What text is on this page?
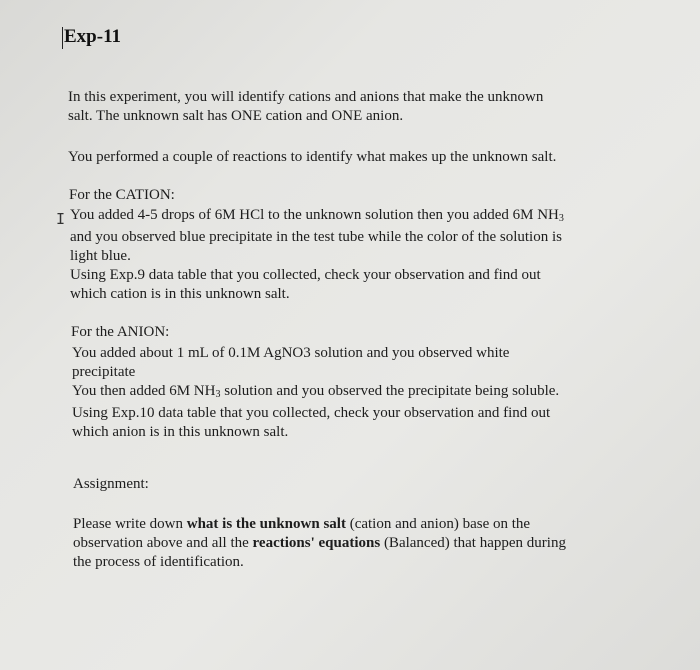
Exp-11

In this experiment, you will identify cations and anions that make the unknown
salt. The unknown salt has ONE cation and ONE anion.

You performed a couple of reactions to identify what makes up the unknown salt.

For the CATION:

I You added 4-5 drops of 6M HCl to the unknown solution then you added 6M $NH_3$
and you observed blue precipitate in the test tube while the color of the solution is
light blue.
Using Exp.9 data table that you collected, check your observation and find out
which cation is in this unknown salt.

For the ANION:

You added about 1 mL of 0.1M AgNO3 solution and you observed white
precipitate
You then added 6M $NH_3$ solution and you observed the precipitate being soluble.
Using Exp.10 data table that you collected, check your observation and find out
which anion is in this unknown salt.

Assignment:

Please write down what is the unknown salt (cation and anion) base on the
observation above and all the reactions' equations (Balanced) that happen during
the process of identification.
